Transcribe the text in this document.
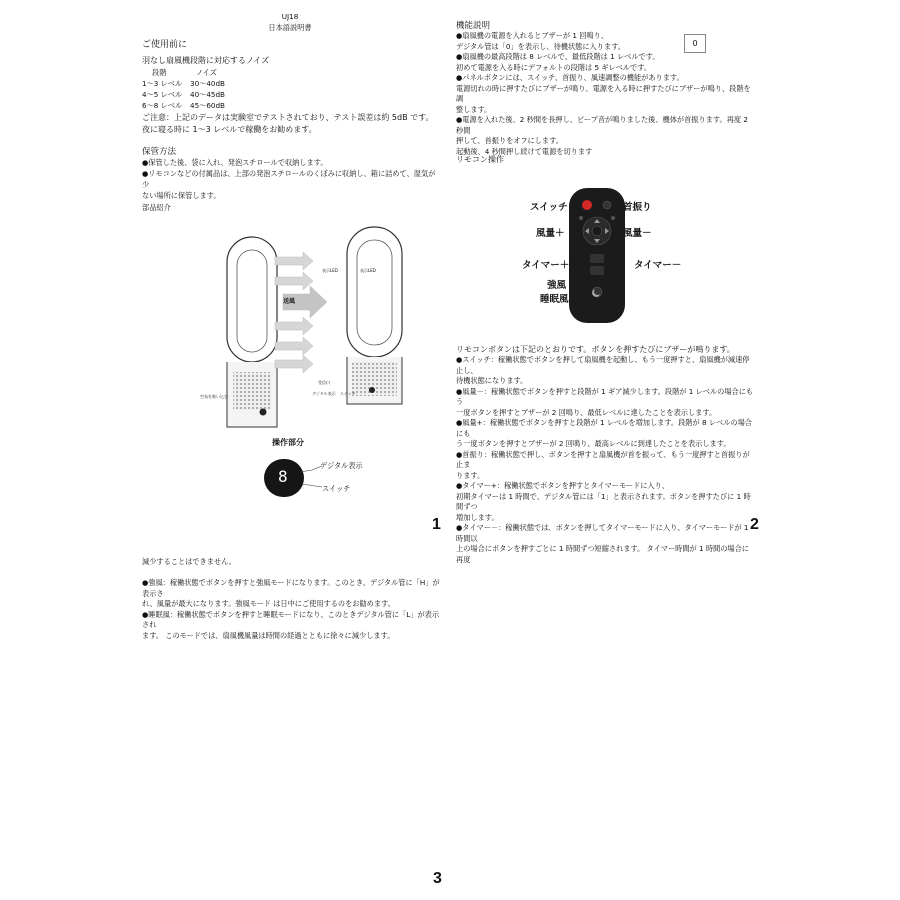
UJ18
日本語説明書
ご使用前に
羽なし扇風機段階に対応するノイズ
段階	ノイズ
1～3 レベル 30～40dB
4～5 レベル 40～45dB
6～8 レベル 45～60dB
ご注意：上記のデータは実験室でテストされており、テスト誤差は約 5dB です。
夜に寝る時に 1～3 レベルで稼働をお勧めます。
保管方法
●保管した後、袋に入れ、発泡スチロールで収納します。
●リモコンなどの付属品は、上部の発泡スチロールのくぼみに収納し、箱に詰めて、湿気が少
ない場所に保管します。
部品紹介
送風
表示LED	表示LED
受信口
デジタル表示　スイッチ
空気を吸い込む
操作部分
8
デジタル表示
スイッチ
1
機能説明
0
●扇風機の電源を入れるとブザーが 1 回鳴り、
デジタル管は「0」を表示し、待機状態に入ります。
●扇風機の最高段階は 8 レベルで、最低段階は 1 レベルです。
初めて電源を入る時にデフォルトの段階は 5 ギレベルです。
●パネルボタンには、スイッチ、首振り、風速調整の機能があります。
電源切れの時に押すたびにブザーが鳴り、電源を入る時に押すたびにブザーが鳴り、段階を調
整します。
●電源を入れた後、2 秒間を長押し、ビープ音が鳴りました後、機体が首振ります。再度 2 秒間
押して、首振りをオフにします。
起動後、4 秒間押し続けて電源を切ります
リモコン操作
スイッチ	首振り
風量＋	風量－
タイマー＋	タイマー－
強風
睡眠風
リモコンボタンは下記のとおりです。ボタンを押すたびにブザーが鳴ります。
●スイッチ：稼働状態でボタンを押して扇風機を起動し、もう一度押すと、扇風機が減速停止し、
待機状態になります。
●風量－：稼働状態でボタンを押すと段階が 1 ギア減少します。段階が 1 レベルの場合にもう
一度ボタンを押すとブザーが 2 回鳴り、最低レベルに達したことを表示します。
●風量+：稼働状態でボタンを押すと段階が 1 レベルを増加します。段階が 8 レベルの場合にも
う一度ボタンを押すとブザーが 2 回鳴り、最高レベルに到達したことを表示します。
●首振り：稼働状態で押し、ボタンを押すと扇風機が首を振って、もう一度押すと首振りが止ま
ります。
●タイマー+：稼働状態でボタンを押すとタイマーモードに入り、
初期タイマーは 1 時間で、デジタル管には「1」と表示されます。ボタンを押すたびに 1 時間ずつ
増加します。
●タイマー－：稼働状態では、ボタンを押してタイマーモードに入り、タイマーモードが 1 時間以
上の場合にボタンを押すごとに 1 時間ずつ短縮されます。 タイマー時間が 1 時間の場合に再度
2
減少することはできません。
●強風：稼働状態でボタンを押すと強風モードになります。このとき、デジタル管に「H」が表示さ
れ、風量が最大になります。強風モード は日中にご使用するのをお勧めます。
●睡眠風：稼働状態でボタンを押すと睡眠モードになり、このときデジタル管に「L」が表示され
ます。 このモードでは、扇風機風量は時間の経過とともに徐々に減少します。
3
